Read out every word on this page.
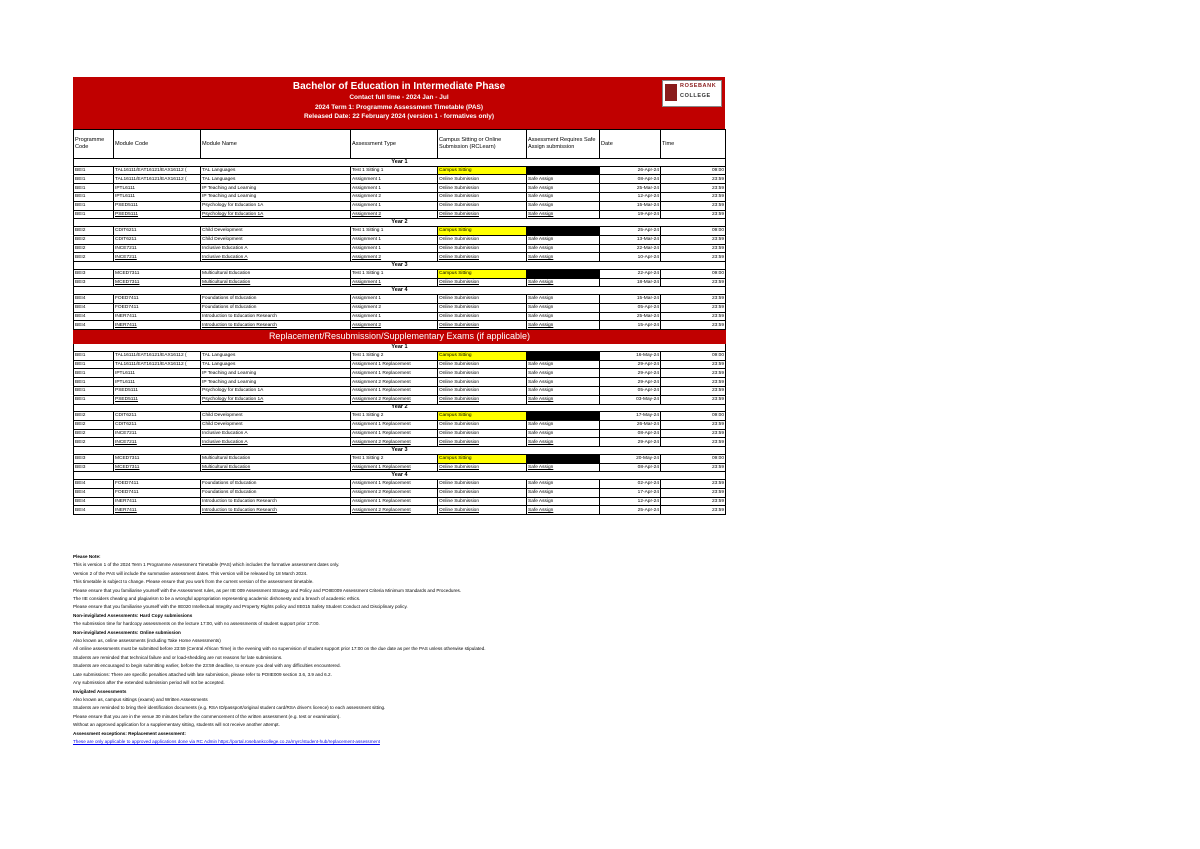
Bachelor of Education in Intermediate Phase
Contact full time - 2024 Jan - Jul
2024 Term 1: Programme Assessment Timetable (PAS)
Released Date: 22 February 2024 (version 1 - formatives only)
ROSEBANK
COLLEGE
Programme Code	Module Code	Module Name	Assessment Type	Campus Sitting or Online Submission (RCLearn)	Assessment Requires Safe Assign submission	Date	Time
Year 1							
BEI1	TAL16111/EAT16121/EAX16112 (	TAL Languages	Test 1 Sitting 1	Campus Sitting		26-Apr-24	09:00
BEI1	TAL16111/EAT16121/EAX16112 (	TAL Languages	Assignment 1	Online Submission	Safe Assign	08-Apr-24	23:59
BEI1	IPTL6111	IP Teaching and Learning	Assignment 1	Online Submission	Safe Assign	25-Mar-24	23:59
BEI1	IPTL6111	IP Teaching and Learning	Assignment 2	Online Submission	Safe Assign	12-Apr-24	23:59
BEI1	PSED5111	Psychology for Education 1A	Assignment 1	Online Submission	Safe Assign	15-Mar-24	23:59
BEI1	PSED5111	Psychology for Education 1A	Assignment 2	Online Submission	Safe Assign	19-Apr-24	23:59
Year 2							
BEI2	CDIT6211	Child Development	Test 1 Sitting 1	Campus Sitting		25-Apr-24	09:00
BEI2	CDIT6211	Child Development	Assignment 1	Online Submission	Safe Assign	13-Mar-24	23:59
BEI2	INCE7211	Inclusive Education A	Assignment 1	Online Submission	Safe Assign	22-Mar-24	23:59
BEI2	INCE7211	Inclusive Education A	Assignment 2	Online Submission	Safe Assign	10-Apr-24	23:59
Year 3							
BEI3	MCED7311	Multicultural Education	Test 1 Sitting 1	Campus Sitting		22-Apr-24	09:00
BEI3	MCED7311	Multicultural Education	Assignment 1	Online Submission	Safe Assign	18-Mar-24	23:59
Year 4							
BEI4	FOED7411	Foundations of Education	Assignment 1	Online Submission	Safe Assign	15-Mar-24	23:59
BEI4	FOED7411	Foundations of Education	Assignment 2	Online Submission	Safe Assign	05-Apr-24	23:59
BEI4	INER7411	Introduction to Education Research	Assignment 1	Online Submission	Safe Assign	25-Mar-24	23:59
BEI4	INER7411	Introduction to Education Research	Assignment 2	Online Submission	Safe Assign	15-Apr-24	23:59
Replacement/Resubmission/Supplementary Exams (if applicable)							
Year 1							
BEI1	TAL16111/EAT16121/EAX16112 (	TAL Languages	Test 1 Sitting 2	Campus Sitting		16-May-24	09:00
BEI1	TAL16111/EAT16121/EAX16112 (	TAL Languages	Assignment 1 Replacement	Online Submission	Safe Assign	29-Apr-24	23:59
BEI1	IPTL6111	IP Teaching and Learning	Assignment 1 Replacement	Online Submission	Safe Assign	29-Apr-24	23:59
BEI1	IPTL6111	IP Teaching and Learning	Assignment 2 Replacement	Online Submission	Safe Assign	29-Apr-24	23:59
BEI1	PSED5111	Psychology for Education 1A	Assignment 1 Replacement	Online Submission	Safe Assign	05-Apr-24	23:59
BEI1	PSED5111	Psychology for Education 1A	Assignment 2 Replacement	Online Submission	Safe Assign	03-May-24	23:59
Year 2							
BEI2	CDIT6211	Child Development	Test 1 Sitting 2	Campus Sitting		17-May-24	09:00
BEI2	CDIT6211	Child Development	Assignment 1 Replacement	Online Submission	Safe Assign	26-Mar-24	23:59
BEI2	INCE7211	Inclusive Education A	Assignment 1 Replacement	Online Submission	Safe Assign	08-Apr-24	23:59
BEI2	INCE7211	Inclusive Education A	Assignment 2 Replacement	Online Submission	Safe Assign	29-Apr-24	23:59
Year 3							
BEI3	MCED7311	Multicultural Education	Test 1 Sitting 2	Campus Sitting		20-May-24	09:00
BEI3	MCED7311	Multicultural Education	Assignment 1 Replacement	Online Submission	Safe Assign	08-Apr-24	23:59
Year 4							
BEI4	FOED7411	Foundations of Education	Assignment 1 Replacement	Online Submission	Safe Assign	02-Apr-24	23:59
BEI4	FOED7411	Foundations of Education	Assignment 2 Replacement	Online Submission	Safe Assign	17-Apr-24	23:59
BEI4	INER7411	Introduction to Education Research	Assignment 1 Replacement	Online Submission	Safe Assign	12-Apr-24	23:59
BEI4	INER7411	Introduction to Education Research	Assignment 2 Replacement	Online Submission	Safe Assign	25-Apr-24	23:59
Please Note:
This is version 1 of the 2024 Term 1 Programme Assessment Timetable (PAS) which includes the formative assessment dates only.
Version 2 of the PAS will include the summative assessment dates. This version will be released by 18 March 2024.
This timetable is subject to change. Please ensure that you work from the current version of the assessment timetable.
Please ensure that you familiarise yourself with the Assessment rules, as per IIE 009 Assessment Strategy and Policy and POIIE009 Assessment Criteria Minimum Standards and Procedures.
The IIE considers cheating and plagiarism to be a wrongful appropriation representing academic dishonesty and a breach of academic ethics.
Please ensure that you familiarise yourself with the IIE020 Intellectual Integrity and Property Rights policy and IIE015 Safety Student Conduct and Disciplinary policy.
Non-invigilated Assessments: Hard Copy submissions
The submission time for hardcopy assessments on the lecture 17:00, with no assessments of student support prior 17:00.
Non-invigilated Assessments: Online submission
Also known as, online assessments (including Take Home Assessments)
All online assessments must be submitted before 23:59 (Central African Time) in the evening with no supervision of student support prior 17:00 on the due date as per the PAS unless otherwise stipulated.
Students are reminded that technical failure and or load-shedding are not reasons for late submissions.
Students are encouraged to begin submitting earlier, before the 23:59 deadline, to ensure you deal with any difficulties encountered.
Late submissions: There are specific penalties attached with late submission, please refer to POIIE009 section 3.6, 3.9 and 6.2.
Any submission after the extended submission period will not be accepted.
Invigilated Assessments
Also known as, campus sittings (exams) and Written Assessments
Students are reminded to bring their identification documents (e.g. RSA ID/passport/original student card/RSA driver's licence) to each assessment sitting.
Please ensure that you are in the venue 30 minutes before the commencement of the written assessment (e.g. test or examination).
Without an approved application for a supplementary sitting, students will not receive another attempt.
Assessment exceptions: Replacement assessment:
These are only applicable to approved applications done via RC Admin https://portal.rosebankcollege.co.za/myrc/student-hub/replacement-assessment
